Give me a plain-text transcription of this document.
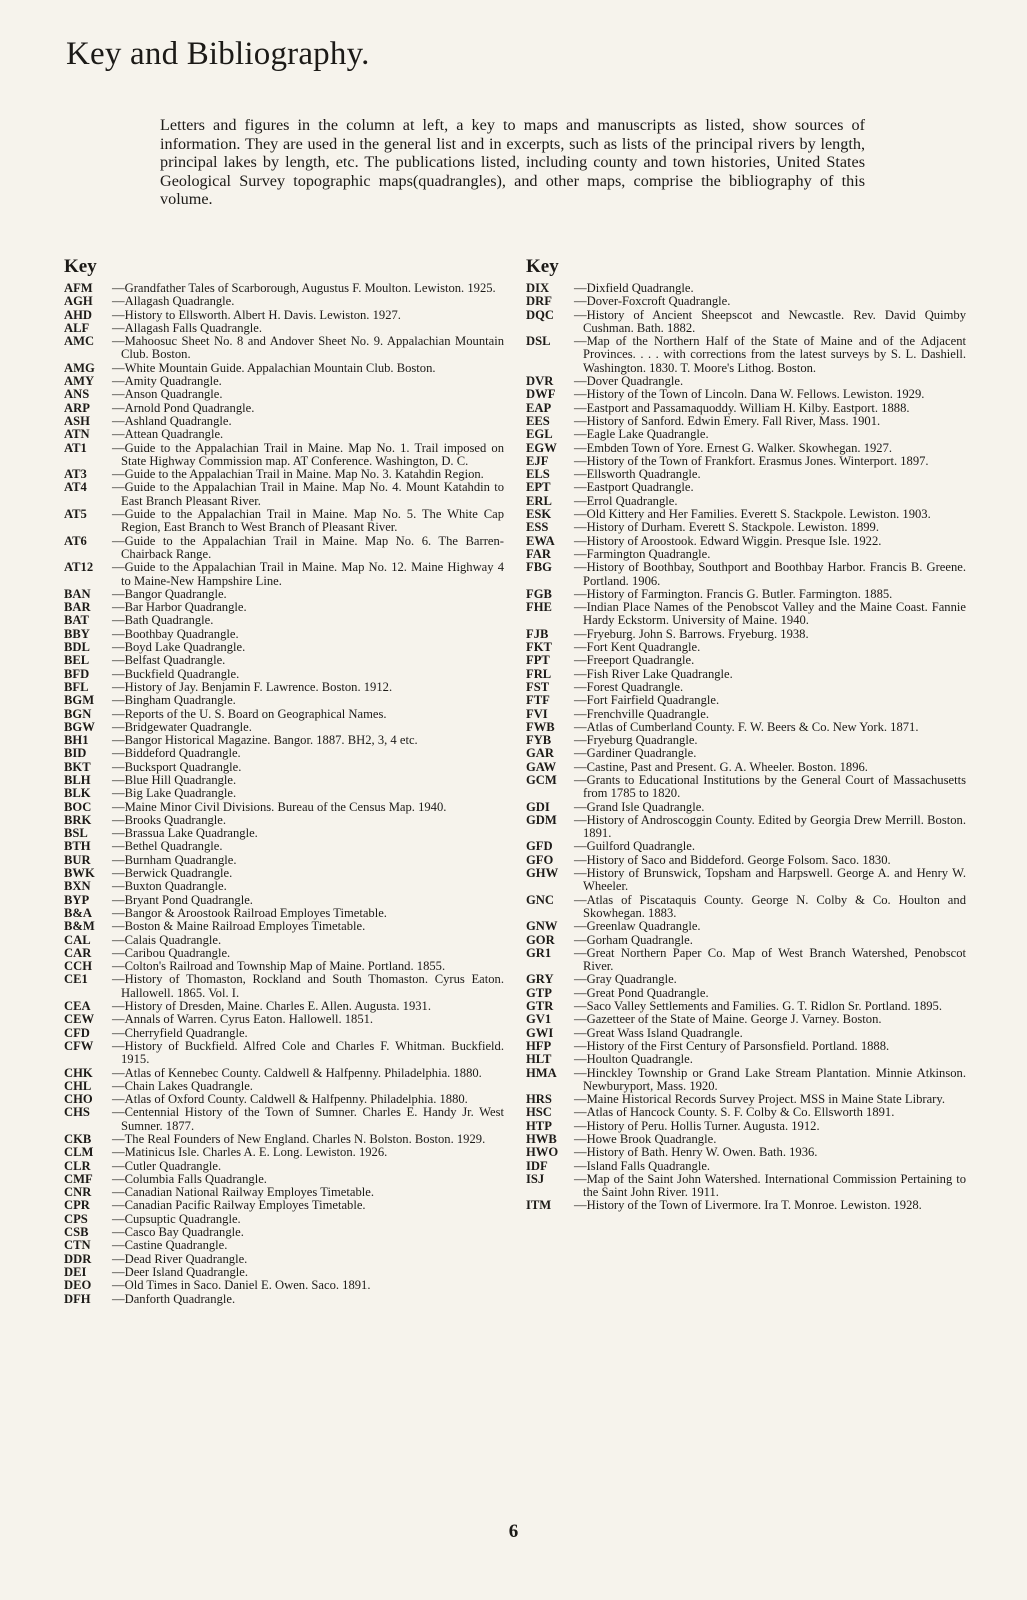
Key and Bibliography.

Letters and figures in the column at left, a key to maps and manuscripts as listed, show sources of information. They are used in the general list and in excerpts, such as lists of the principal rivers by length, principal lakes by length, etc. The publications listed, including county and town histories, United States Geological Survey topographic maps(quadrangles), and other maps, comprise the bibliography of this volume.

Key
AFM	—Grandfather Tales of Scarborough, Augustus F. Moulton. Lewiston. 1925.
AGH	—Allagash Quadrangle.
AHD	—History to Ellsworth. Albert H. Davis. Lewiston. 1927.
ALF	—Allagash Falls Quadrangle.
AMC	—Mahoosuc Sheet No. 8 and Andover Sheet No. 9. Appalachian Mountain Club. Boston.
AMG	—White Mountain Guide. Appalachian Mountain Club. Boston.
AMY	—Amity Quadrangle.
ANS	—Anson Quadrangle.
ARP	—Arnold Pond Quadrangle.
ASH	—Ashland Quadrangle.
ATN	—Attean Quadrangle.
AT1	—Guide to the Appalachian Trail in Maine. Map No. 1. Trail imposed on State Highway Commission map. AT Conference. Washington, D. C.
AT3	—Guide to the Appalachian Trail in Maine. Map No. 3. Katahdin Region.
AT4	—Guide to the Appalachian Trail in Maine. Map No. 4. Mount Katahdin to East Branch Pleasant River.
AT5	—Guide to the Appalachian Trail in Maine. Map No. 5. The White Cap Region, East Branch to West Branch of Pleasant River.
AT6	—Guide to the Appalachian Trail in Maine. Map No. 6. The Barren-Chairback Range.
AT12	—Guide to the Appalachian Trail in Maine. Map No. 12. Maine Highway 4 to Maine-New Hampshire Line.
BAN	—Bangor Quadrangle.
BAR	—Bar Harbor Quadrangle.
BAT	—Bath Quadrangle.
BBY	—Boothbay Quadrangle.
BDL	—Boyd Lake Quadrangle.
BEL	—Belfast Quadrangle.
BFD	—Buckfield Quadrangle.
BFL	—History of Jay. Benjamin F. Lawrence. Boston. 1912.
BGM	—Bingham Quadrangle.
BGN	—Reports of the U. S. Board on Geographical Names.
BGW	—Bridgewater Quadrangle.
BH1	—Bangor Historical Magazine. Bangor. 1887. BH2, 3, 4 etc.
BID	—Biddeford Quadrangle.
BKT	—Bucksport Quadrangle.
BLH	—Blue Hill Quadrangle.
BLK	—Big Lake Quadrangle.
BOC	—Maine Minor Civil Divisions. Bureau of the Census Map. 1940.
BRK	—Brooks Quadrangle.
BSL	—Brassua Lake Quadrangle.
BTH	—Bethel Quadrangle.
BUR	—Burnham Quadrangle.
BWK	—Berwick Quadrangle.
BXN	—Buxton Quadrangle.
BYP	—Bryant Pond Quadrangle.
B&A	—Bangor & Aroostook Railroad Employes Timetable.
B&M	—Boston & Maine Railroad Employes Timetable.
CAL	—Calais Quadrangle.
CAR	—Caribou Quadrangle.
CCH	—Colton's Railroad and Township Map of Maine. Portland. 1855.
CE1	—History of Thomaston, Rockland and South Thomaston. Cyrus Eaton. Hallowell. 1865. Vol. I.
CEA	—History of Dresden, Maine. Charles E. Allen. Augusta. 1931.
CEW	—Annals of Warren. Cyrus Eaton. Hallowell. 1851.
CFD	—Cherryfield Quadrangle.
CFW	—History of Buckfield. Alfred Cole and Charles F. Whitman. Buckfield. 1915.
CHK	—Atlas of Kennebec County. Caldwell & Halfpenny. Philadelphia. 1880.
CHL	—Chain Lakes Quadrangle.
CHO	—Atlas of Oxford County. Caldwell & Halfpenny. Philadelphia. 1880.
CHS	—Centennial History of the Town of Sumner. Charles E. Handy Jr. West Sumner. 1877.
CKB	—The Real Founders of New England. Charles N. Bolston. Boston. 1929.
CLM	—Matinicus Isle. Charles A. E. Long. Lewiston. 1926.
CLR	—Cutler Quadrangle.
CMF	—Columbia Falls Quadrangle.
CNR	—Canadian National Railway Employes Timetable.
CPR	—Canadian Pacific Railway Employes Timetable.
CPS	—Cupsuptic Quadrangle.
CSB	—Casco Bay Quadrangle.
CTN	—Castine Quadrangle.
DDR	—Dead River Quadrangle.
DEI	—Deer Island Quadrangle.
DEO	—Old Times in Saco. Daniel E. Owen. Saco. 1891.
DFH	—Danforth Quadrangle.
Key
DIX	—Dixfield Quadrangle.
DRF	—Dover-Foxcroft Quadrangle.
DQC	—History of Ancient Sheepscot and Newcastle. Rev. David Quimby Cushman. Bath. 1882.
DSL	—Map of the Northern Half of the State of Maine and of the Adjacent Provinces. . . . with corrections from the latest surveys by S. L. Dashiell. Washington. 1830. T. Moore's Lithog. Boston.
DVR	—Dover Quadrangle.
DWF	—History of the Town of Lincoln. Dana W. Fellows. Lewiston. 1929.
EAP	—Eastport and Passamaquoddy. William H. Kilby. Eastport. 1888.
EES	—History of Sanford. Edwin Emery. Fall River, Mass. 1901.
EGL	—Eagle Lake Quadrangle.
EGW	—Embden Town of Yore. Ernest G. Walker. Skowhegan. 1927.
EJF	—History of the Town of Frankfort. Erasmus Jones. Winterport. 1897.
ELS	—Ellsworth Quadrangle.
EPT	—Eastport Quadrangle.
ERL	—Errol Quadrangle.
ESK	—Old Kittery and Her Families. Everett S. Stackpole. Lewiston. 1903.
ESS	—History of Durham. Everett S. Stackpole. Lewiston. 1899.
EWA	—History of Aroostook. Edward Wiggin. Presque Isle. 1922.
FAR	—Farmington Quadrangle.
FBG	—History of Boothbay, Southport and Boothbay Harbor. Francis B. Greene. Portland. 1906.
FGB	—History of Farmington. Francis G. Butler. Farmington. 1885.
FHE	—Indian Place Names of the Penobscot Valley and the Maine Coast. Fannie Hardy Eckstorm. University of Maine. 1940.
FJB	—Fryeburg. John S. Barrows. Fryeburg. 1938.
FKT	—Fort Kent Quadrangle.
FPT	—Freeport Quadrangle.
FRL	—Fish River Lake Quadrangle.
FST	—Forest Quadrangle.
FTF	—Fort Fairfield Quadrangle.
FVI	—Frenchville Quadrangle.
FWB	—Atlas of Cumberland County. F. W. Beers & Co. New York. 1871.
FYB	—Fryeburg Quadrangle.
GAR	—Gardiner Quadrangle.
GAW	—Castine, Past and Present. G. A. Wheeler. Boston. 1896.
GCM	—Grants to Educational Institutions by the General Court of Massachusetts from 1785 to 1820.
GDI	—Grand Isle Quadrangle.
GDM	—History of Androscoggin County. Edited by Georgia Drew Merrill. Boston. 1891.
GFD	—Guilford Quadrangle.
GFO	—History of Saco and Biddeford. George Folsom. Saco. 1830.
GHW	—History of Brunswick, Topsham and Harpswell. George A. and Henry W. Wheeler.
GNC	—Atlas of Piscataquis County. George N. Colby & Co. Houlton and Skowhegan. 1883.
GNW	—Greenlaw Quadrangle.
GOR	—Gorham Quadrangle.
GR1	—Great Northern Paper Co. Map of West Branch Watershed, Penobscot River.
GRY	—Gray Quadrangle.
GTP	—Great Pond Quadrangle.
GTR	—Saco Valley Settlements and Families. G. T. Ridlon Sr. Portland. 1895.
GV1	—Gazetteer of the State of Maine. George J. Varney. Boston.
GWI	—Great Wass Island Quadrangle.
HFP	—History of the First Century of Parsonsfield. Portland. 1888.
HLT	—Houlton Quadrangle.
HMA	—Hinckley Township or Grand Lake Stream Plantation. Minnie Atkinson. Newburyport, Mass. 1920.
HRS	—Maine Historical Records Survey Project. MSS in Maine State Library.
HSC	—Atlas of Hancock County. S. F. Colby & Co. Ellsworth 1891.
HTP	—History of Peru. Hollis Turner. Augusta. 1912.
HWB	—Howe Brook Quadrangle.
HWO	—History of Bath. Henry W. Owen. Bath. 1936.
IDF	—Island Falls Quadrangle.
ISJ	—Map of the Saint John Watershed. International Commission Pertaining to the Saint John River. 1911.
ITM	—History of the Town of Livermore. Ira T. Monroe. Lewiston. 1928.
6
